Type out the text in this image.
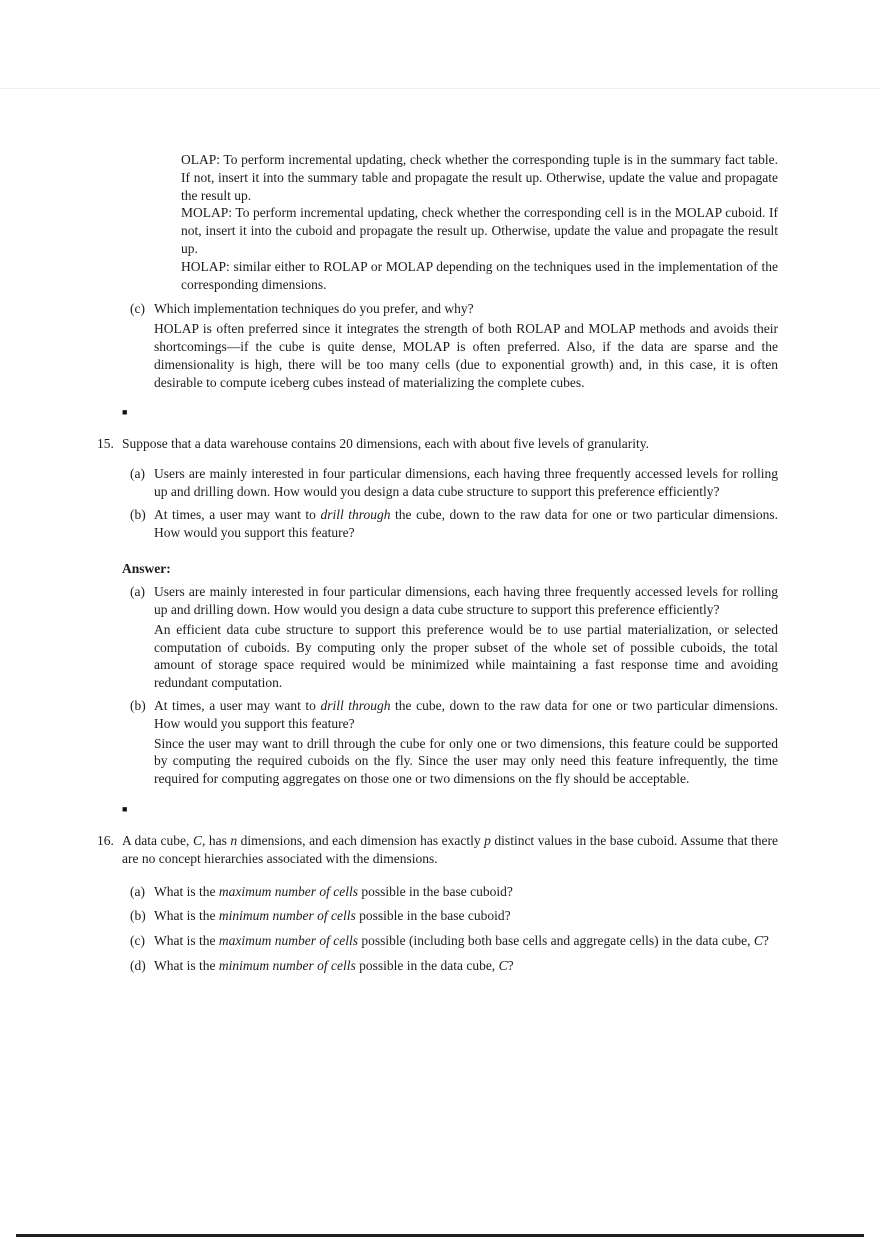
OLAP: To perform incremental updating, check whether the corresponding tuple is in the summary fact table. If not, insert it into the summary table and propagate the result up. Otherwise, update the value and propagate the result up.

MOLAP: To perform incremental updating, check whether the corresponding cell is in the MOLAP cuboid. If not, insert it into the cuboid and propagate the result up. Otherwise, update the value and propagate the result up.

HOLAP: similar either to ROLAP or MOLAP depending on the techniques used in the implementation of the corresponding dimensions.

(c) Which implementation techniques do you prefer, and why?

HOLAP is often preferred since it integrates the strength of both ROLAP and MOLAP methods and avoids their shortcomings—if the cube is quite dense, MOLAP is often preferred. Also, if the data are sparse and the dimensionality is high, there will be too many cells (due to exponential growth) and, in this case, it is often desirable to compute iceberg cubes instead of materializing the complete cubes.

■
15. Suppose that a data warehouse contains 20 dimensions, each with about five levels of granularity.

(a) Users are mainly interested in four particular dimensions, each having three frequently accessed levels for rolling up and drilling down. How would you design a data cube structure to support this preference efficiently?

(b) At times, a user may want to drill through the cube, down to the raw data for one or two particular dimensions. How would you support this feature?

Answer:
(a) Users are mainly interested in four particular dimensions, each having three frequently accessed levels for rolling up and drilling down. How would you design a data cube structure to support this preference efficiently?

An efficient data cube structure to support this preference would be to use partial materialization, or selected computation of cuboids. By computing only the proper subset of the whole set of possible cuboids, the total amount of storage space required would be minimized while maintaining a fast response time and avoiding redundant computation.

(b) At times, a user may want to drill through the cube, down to the raw data for one or two particular dimensions. How would you support this feature?

Since the user may want to drill through the cube for only one or two dimensions, this feature could be supported by computing the required cuboids on the fly. Since the user may only need this feature infrequently, the time required for computing aggregates on those one or two dimensions on the fly should be acceptable.

■
16. A data cube, C, has n dimensions, and each dimension has exactly p distinct values in the base cuboid. Assume that there are no concept hierarchies associated with the dimensions.

(a) What is the maximum number of cells possible in the base cuboid?

(b) What is the minimum number of cells possible in the base cuboid?

(c) What is the maximum number of cells possible (including both base cells and aggregate cells) in the data cube, C?

(d) What is the minimum number of cells possible in the data cube, C?
